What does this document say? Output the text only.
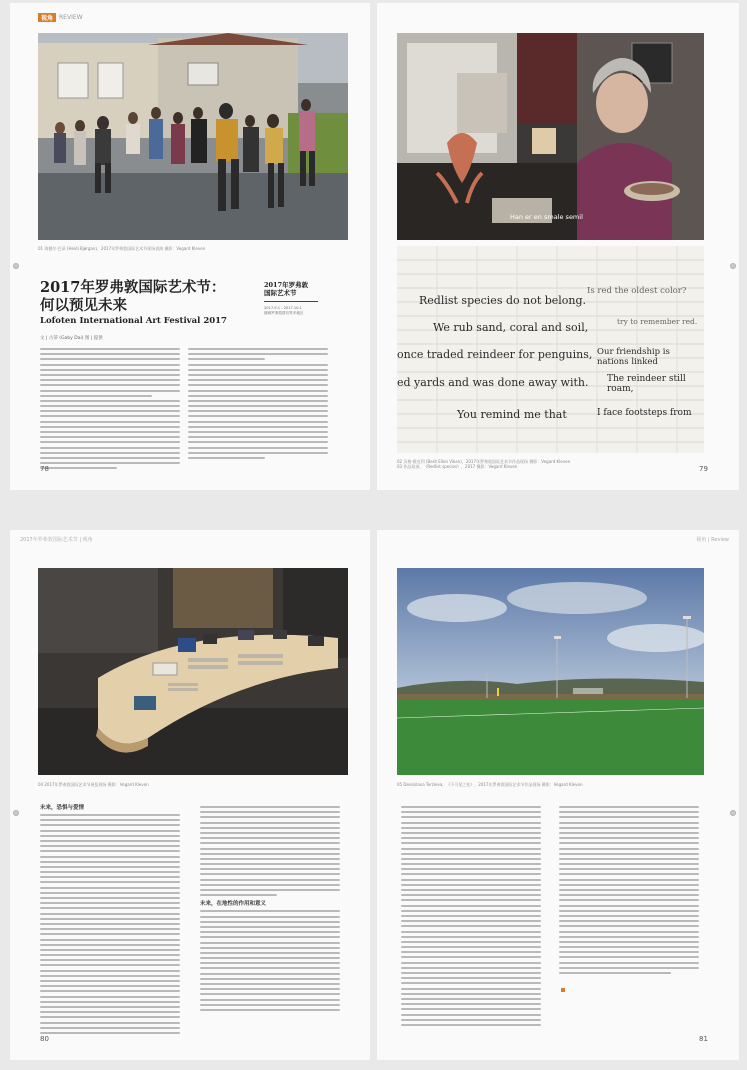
视角	REVIEW
01 海德尔·巴蒂 (Heidi Bjørgan)，2017年罗弗敦国际艺术节现场表演 摄影：Vegard Kleven
2017年罗弗敦国际艺术节：
何以预见未来
Lofoten International Art Festival 2017
文 | 古蒂 (Gaby Dai) 图 | 提供
2017年罗弗敦
国际艺术节
2017.9.1 - 2017.10.1
挪威罗弗敦群岛等多地区
78
Han er en smale semil
Redlist species do not belong.
Is red the oldest color?
We rub sand, coral and soil,	try to remember red.
once traded reindeer for penguins, Our friendship is nations linked
ed yards and was done away with. The reindeer still roam,
You remind me that	I face footsteps from
02 贝格·维克利 (Berit Ellen Vikan)，2017年罗弗敦国际艺术节作品现场 摄影：Vegard Kleven
03 作品局部，《Redlist species》，2017 摄影：Vegard Kleven	79
2017年罗弗敦国际艺术节 | 视角
04 2017年罗弗敦国际艺术节展览现场 摄影：Vegard Kleven
未来，恐惧与爱情
未来，在地性的作用和意义
80
视角 | Review
05 Dessislava Terzieva，《不可见之处》，2017年罗弗敦国际艺术节作品现场 摄影：Vegard Kleven
81
